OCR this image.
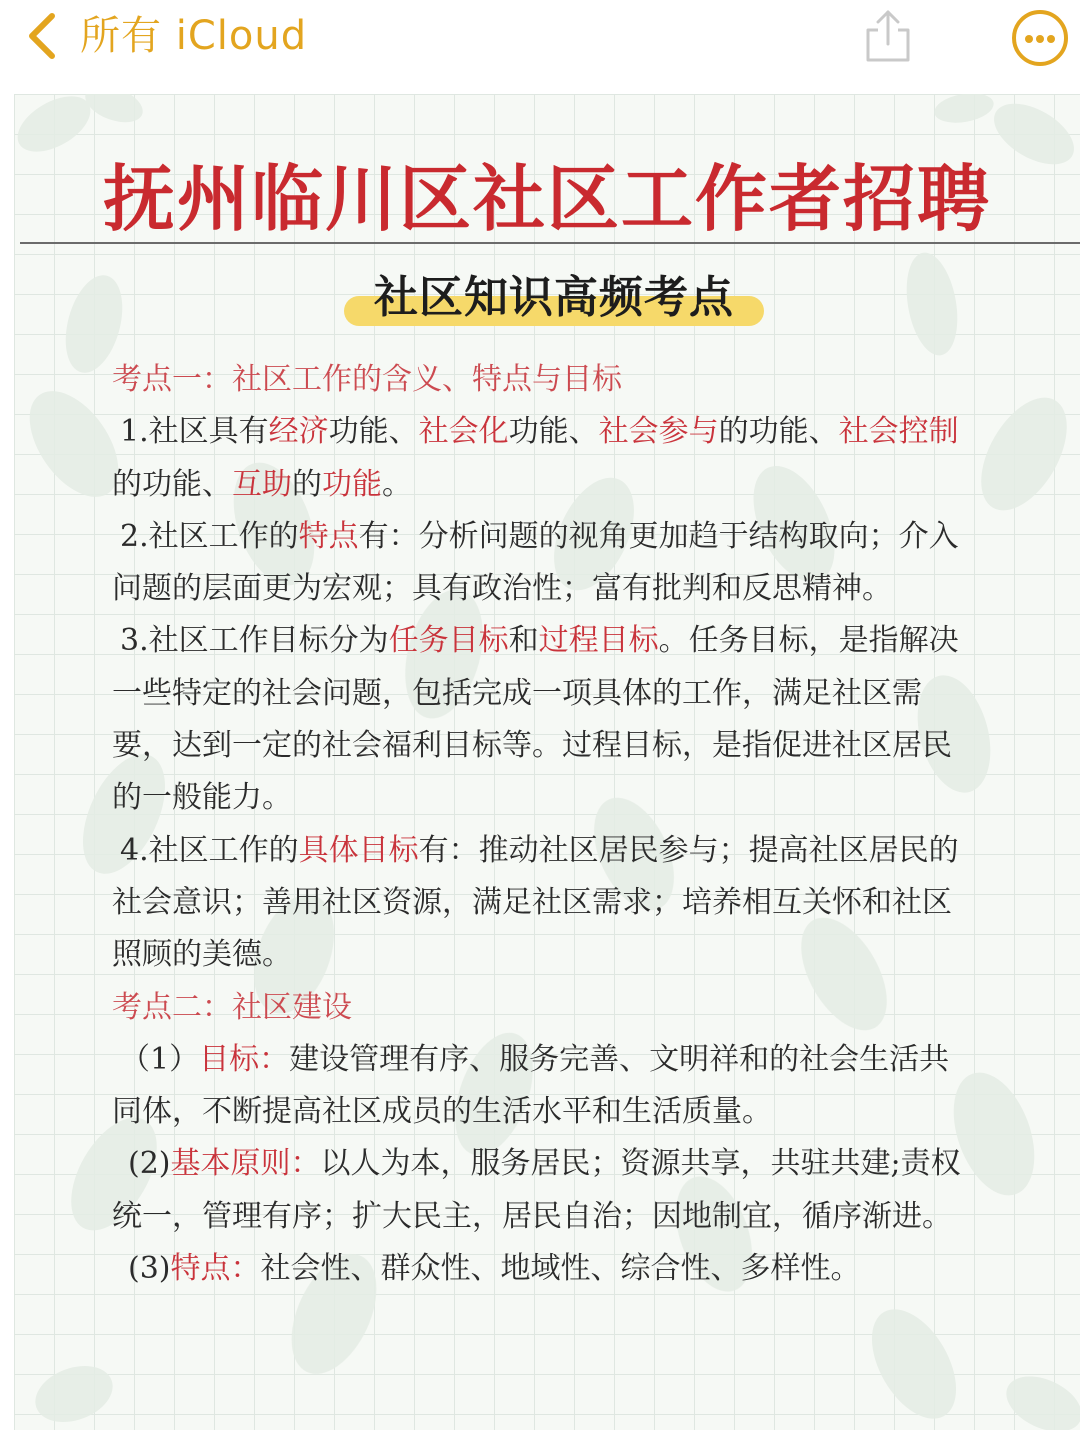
所有 iCloud
抚州临川区社区工作者招聘
社区知识高频考点

考点一：社区工作的含义、特点与目标

1.社区具有经济功能、社会化功能、社会参与的功能、社会控制

的功能、互助的功能。

2.社区工作的特点有：分析问题的视角更加趋于结构取向；介入

问题的层面更为宏观；具有政治性；富有批判和反思精神。

3.社区工作目标分为任务目标和过程目标。任务目标，是指解决

一些特定的社会问题，包括完成一项具体的工作，满足社区需

要，达到一定的社会福利目标等。过程目标，是指促进社区居民

的一般能力。

4.社区工作的具体目标有：推动社区居民参与；提高社区居民的

社会意识；善用社区资源，满足社区需求；培养相互关怀和社区

照顾的美德。

考点二：社区建设

（1）目标：建设管理有序、服务完善、文明祥和的社会生活共

同体，不断提高社区成员的生活水平和生活质量。

(2)基本原则：以人为本，服务居民；资源共享，共驻共建;责权

统一，管理有序；扩大民主，居民自治；因地制宜，循序渐进。

(3)特点：社会性、群众性、地域性、综合性、多样性。
